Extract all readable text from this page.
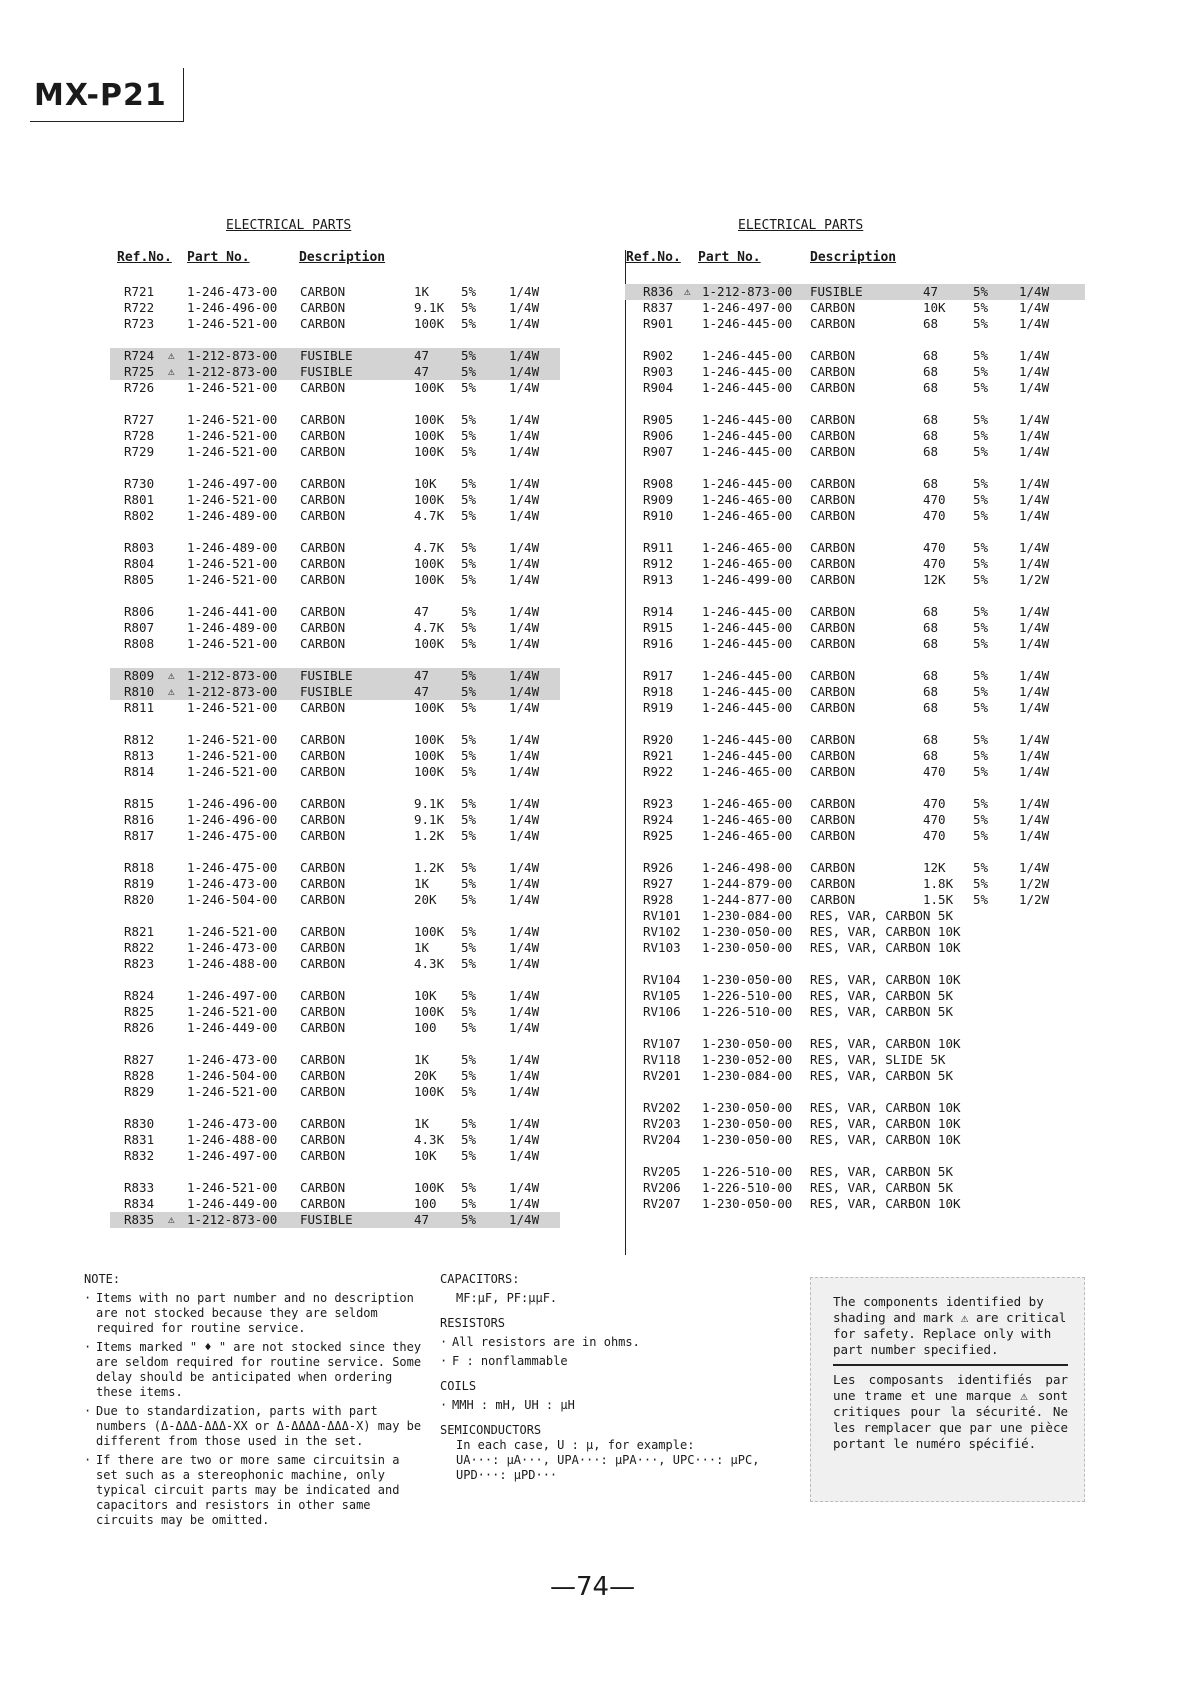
MX-P21
ELECTRICAL PARTS
Ref.No. Part No.	Description
R721	1-246-473-00 CARBON	1K	5%	1/4W
R722	1-246-496-00 CARBON	9.1K 5%	1/4W
R723	1-246-521-00 CARBON	100K 5%	1/4W
R724	1-212-873-00 FUSIBLE	47	5%	1/4W
⚠
R725	1-212-873-00 FUSIBLE	47	5%	1/4W
⚠
R726	1-246-521-00 CARBON	100K 5%	1/4W
R727	1-246-521-00 CARBON	100K 5%	1/4W
R728	1-246-521-00 CARBON	100K 5%	1/4W
R729	1-246-521-00 CARBON	100K 5%	1/4W
R730	1-246-497-00 CARBON	10K 5%	1/4W
R801	1-246-521-00 CARBON	100K 5%	1/4W
R802	1-246-489-00 CARBON	4.7K 5%	1/4W
R803	1-246-489-00 CARBON	4.7K 5%	1/4W
R804	1-246-521-00 CARBON	100K 5%	1/4W
R805	1-246-521-00 CARBON	100K 5%	1/4W
R806	1-246-441-00 CARBON	47	5%	1/4W
R807	1-246-489-00 CARBON	4.7K 5%	1/4W
R808	1-246-521-00 CARBON	100K 5%	1/4W
R809	1-212-873-00 FUSIBLE	47	5%	1/4W
⚠
R810	1-212-873-00 FUSIBLE	47	5%	1/4W
⚠
R811	1-246-521-00 CARBON	100K 5%	1/4W
R812	1-246-521-00 CARBON	100K 5%	1/4W
R813	1-246-521-00 CARBON	100K 5%	1/4W
R814	1-246-521-00 CARBON	100K 5%	1/4W
R815	1-246-496-00 CARBON	9.1K 5%	1/4W
R816	1-246-496-00 CARBON	9.1K 5%	1/4W
R817	1-246-475-00 CARBON	1.2K 5%	1/4W
R818	1-246-475-00 CARBON	1.2K 5%	1/4W
R819	1-246-473-00 CARBON	1K	5%	1/4W
R820	1-246-504-00 CARBON	20K 5%	1/4W
R821	1-246-521-00 CARBON	100K 5%	1/4W
R822	1-246-473-00 CARBON	1K	5%	1/4W
R823	1-246-488-00 CARBON	4.3K 5%	1/4W
R824	1-246-497-00 CARBON	10K 5%	1/4W
R825	1-246-521-00 CARBON	100K 5%	1/4W
R826	1-246-449-00 CARBON	100 5%	1/4W
R827	1-246-473-00 CARBON	1K	5%	1/4W
R828	1-246-504-00 CARBON	20K 5%	1/4W
R829	1-246-521-00 CARBON	100K 5%	1/4W
R830	1-246-473-00 CARBON	1K	5%	1/4W
R831	1-246-488-00 CARBON	4.3K 5%	1/4W
R832	1-246-497-00 CARBON	10K 5%	1/4W
R833	1-246-521-00 CARBON	100K 5%	1/4W
R834	1-246-449-00 CARBON	100 5%	1/4W
R835	1-212-873-00 FUSIBLE	47	5%	1/4W
⚠
ELECTRICAL PARTS
Ref.No. Part No.	Description
R836 1-212-873-00 FUSIBLE	47	5% 1/4W
⚠
R837 1-246-497-00 CARBON	10K 5% 1/4W
R901 1-246-445-00 CARBON	68	5% 1/4W
R902 1-246-445-00 CARBON	68	5% 1/4W
R903 1-246-445-00 CARBON	68	5% 1/4W
R904 1-246-445-00 CARBON	68	5% 1/4W
R905 1-246-445-00 CARBON	68	5% 1/4W
R906 1-246-445-00 CARBON	68	5% 1/4W
R907 1-246-445-00 CARBON	68	5% 1/4W
R908 1-246-445-00 CARBON	68	5% 1/4W
R909 1-246-465-00 CARBON	470 5% 1/4W
R910 1-246-465-00 CARBON	470 5% 1/4W
R911 1-246-465-00 CARBON	470 5% 1/4W
R912 1-246-465-00 CARBON	470 5% 1/4W
R913 1-246-499-00 CARBON	12K 5% 1/2W
R914 1-246-445-00 CARBON	68	5% 1/4W
R915 1-246-445-00 CARBON	68	5% 1/4W
R916 1-246-445-00 CARBON	68	5% 1/4W
R917 1-246-445-00 CARBON	68	5% 1/4W
R918 1-246-445-00 CARBON	68	5% 1/4W
R919 1-246-445-00 CARBON	68	5% 1/4W
R920 1-246-445-00 CARBON	68	5% 1/4W
R921 1-246-445-00 CARBON	68	5% 1/4W
R922 1-246-465-00 CARBON	470 5% 1/4W
R923 1-246-465-00 CARBON	470 5% 1/4W
R924 1-246-465-00 CARBON	470 5% 1/4W
R925 1-246-465-00 CARBON	470 5% 1/4W
R926 1-246-498-00 CARBON	12K 5% 1/4W
R927 1-244-879-00 CARBON	1.8K 5% 1/2W
R928 1-244-877-00 CARBON	1.5K 5% 1/2W
RV101 1-230-084-00 RES, VAR, CARBON 5K
RV102 1-230-050-00 RES, VAR, CARBON 10K
RV103 1-230-050-00 RES, VAR, CARBON 10K
RV104 1-230-050-00 RES, VAR, CARBON 10K
RV105 1-226-510-00 RES, VAR, CARBON 5K
RV106 1-226-510-00 RES, VAR, CARBON 5K
RV107 1-230-050-00 RES, VAR, CARBON 10K
RV118 1-230-052-00 RES, VAR, SLIDE 5K
RV201 1-230-084-00 RES, VAR, CARBON 5K
RV202 1-230-050-00 RES, VAR, CARBON 10K
RV203 1-230-050-00 RES, VAR, CARBON 10K
RV204 1-230-050-00 RES, VAR, CARBON 10K
RV205 1-226-510-00 RES, VAR, CARBON 5K
RV206 1-226-510-00 RES, VAR, CARBON 5K
RV207 1-230-050-00 RES, VAR, CARBON 10K
NOTE:
· Items with no part number and no description are not stocked because they are seldom required for routine service.
· Items marked " ♦ " are not stocked since they are seldom required for routine service. Some delay should be anticipated when ordering these items.
· Due to standardization, parts with part numbers (Δ-ΔΔΔ-ΔΔΔ-XX or Δ-ΔΔΔΔ-ΔΔΔ-X) may be different from those used in the set.
· If there are two or more same circuitsin a set such as a stereophonic machine, only typical circuit parts may be indicated and capacitors and resistors in other same circuits may be omitted.
CAPACITORS:
MF:μF, PF:μμF.
RESISTORS
· All resistors are in ohms.
· F : nonflammable
COILS
· MMH : mH, UH : μH
SEMICONDUCTORS
In each case, U : μ, for example:
UA···: μA···, UPA···: μPA···, UPC···: μPC,
UPD···: μPD···
The components identified by shading and mark ⚠ are critical for safety. Replace only with part number specified.
Les composants identifiés par une trame et une marque ⚠ sont critiques pour la sécurité. Ne les remplacer que par une pièce portant le numéro spécifié.
—74—
